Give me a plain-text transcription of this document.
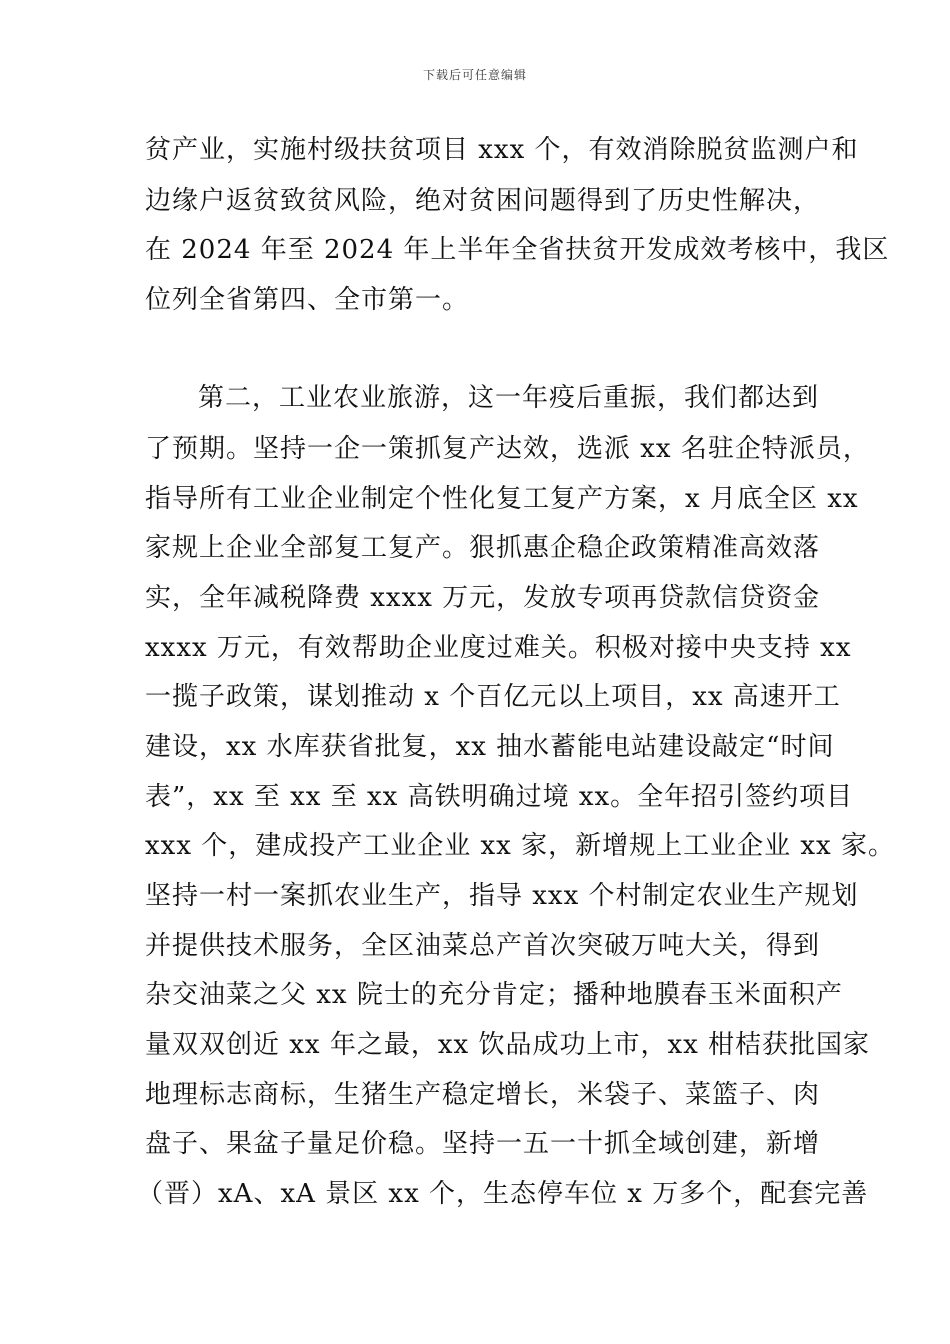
下载后可任意编辑
贫产业，实施村级扶贫项目 xxx 个，有效消除脱贫监测户和
边缘户返贫致贫风险，绝对贫困问题得到了历史性解决，
在 2024 年至 2024 年上半年全省扶贫开发成效考核中，我区
位列全省第四、全市第一。
第二，工业农业旅游，这一年疫后重振，我们都达到
了预期。坚持一企一策抓复产达效，选派 xx 名驻企特派员，
指导所有工业企业制定个性化复工复产方案，x 月底全区 xx
家规上企业全部复工复产。狠抓惠企稳企政策精准高效落
实，全年减税降费 xxxx 万元，发放专项再贷款信贷资金
xxxx 万元，有效帮助企业度过难关。积极对接中央支持 xx
一揽子政策，谋划推动 x 个百亿元以上项目，xx 高速开工
建设，xx 水库获省批复，xx 抽水蓄能电站建设敲定“时间
表”，xx 至 xx 至 xx 高铁明确过境 xx。全年招引签约项目
xxx 个，建成投产工业企业 xx 家，新增规上工业企业 xx 家。
坚持一村一案抓农业生产，指导 xxx 个村制定农业生产规划
并提供技术服务，全区油菜总产首次突破万吨大关，得到
杂交油菜之父 xx 院士的充分肯定；播种地膜春玉米面积产
量双双创近 xx 年之最，xx 饮品成功上市，xx 柑桔获批国家
地理标志商标，生猪生产稳定增长，米袋子、菜篮子、肉
盘子、果盆子量足价稳。坚持一五一十抓全域创建，新增
（晋）xA、xA 景区 xx 个，生态停车位 x 万多个，配套完善
